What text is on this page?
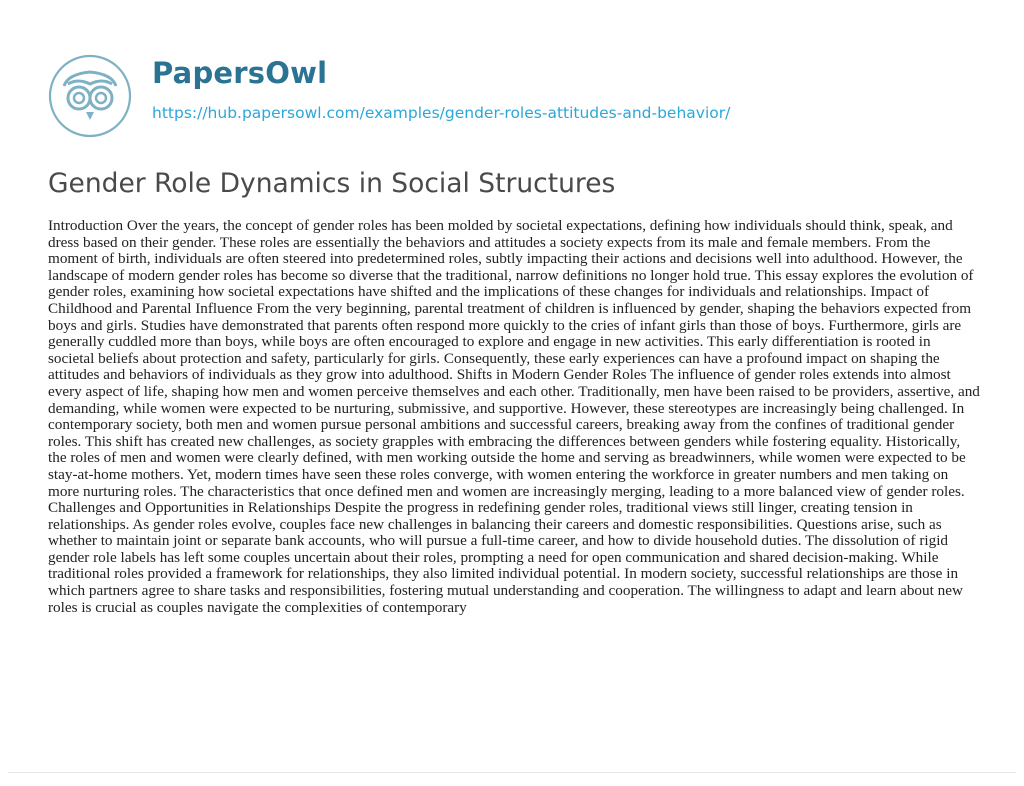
PapersOwl
https://hub.papersowl.com/examples/gender-roles-attitudes-and-behavior/
Gender Role Dynamics in Social Structures

Introduction Over the years, the concept of gender roles has been molded by societal expectations, defining how individuals should think, speak, and dress based on their gender. These roles are essentially the behaviors and attitudes a society expects from its male and female members. From the moment of birth, individuals are often steered into predetermined roles, subtly impacting their actions and decisions well into adulthood. However, the landscape of modern gender roles has become so diverse that the traditional, narrow definitions no longer hold true. This essay explores the evolution of gender roles, examining how societal expectations have shifted and the implications of these changes for individuals and relationships. Impact of Childhood and Parental Influence From the very beginning, parental treatment of children is influenced by gender, shaping the behaviors expected from boys and girls. Studies have demonstrated that parents often respond more quickly to the cries of infant girls than those of boys. Furthermore, girls are generally cuddled more than boys, while boys are often encouraged to explore and engage in new activities. This early differentiation is rooted in societal beliefs about protection and safety, particularly for girls. Consequently, these early experiences can have a profound impact on shaping the attitudes and behaviors of individuals as they grow into adulthood. Shifts in Modern Gender Roles The influence of gender roles extends into almost every aspect of life, shaping how men and women perceive themselves and each other. Traditionally, men have been raised to be providers, assertive, and demanding, while women were expected to be nurturing, submissive, and supportive. However, these stereotypes are increasingly being challenged. In contemporary society, both men and women pursue personal ambitions and successful careers, breaking away from the confines of traditional gender roles. This shift has created new challenges, as society grapples with embracing the differences between genders while fostering equality. Historically, the roles of men and women were clearly defined, with men working outside the home and serving as breadwinners, while women were expected to be stay-at-home mothers. Yet, modern times have seen these roles converge, with women entering the workforce in greater numbers and men taking on more nurturing roles. The characteristics that once defined men and women are increasingly merging, leading to a more balanced view of gender roles. Challenges and Opportunities in Relationships Despite the progress in redefining gender roles, traditional views still linger, creating tension in relationships. As gender roles evolve, couples face new challenges in balancing their careers and domestic responsibilities. Questions arise, such as whether to maintain joint or separate bank accounts, who will pursue a full-time career, and how to divide household duties. The dissolution of rigid gender role labels has left some couples uncertain about their roles, prompting a need for open communication and shared decision-making. While traditional roles provided a framework for relationships, they also limited individual potential. In modern society, successful relationships are those in which partners agree to share tasks and responsibilities, fostering mutual understanding and cooperation. The willingness to adapt and learn about new roles is crucial as couples navigate the complexities of contemporary
